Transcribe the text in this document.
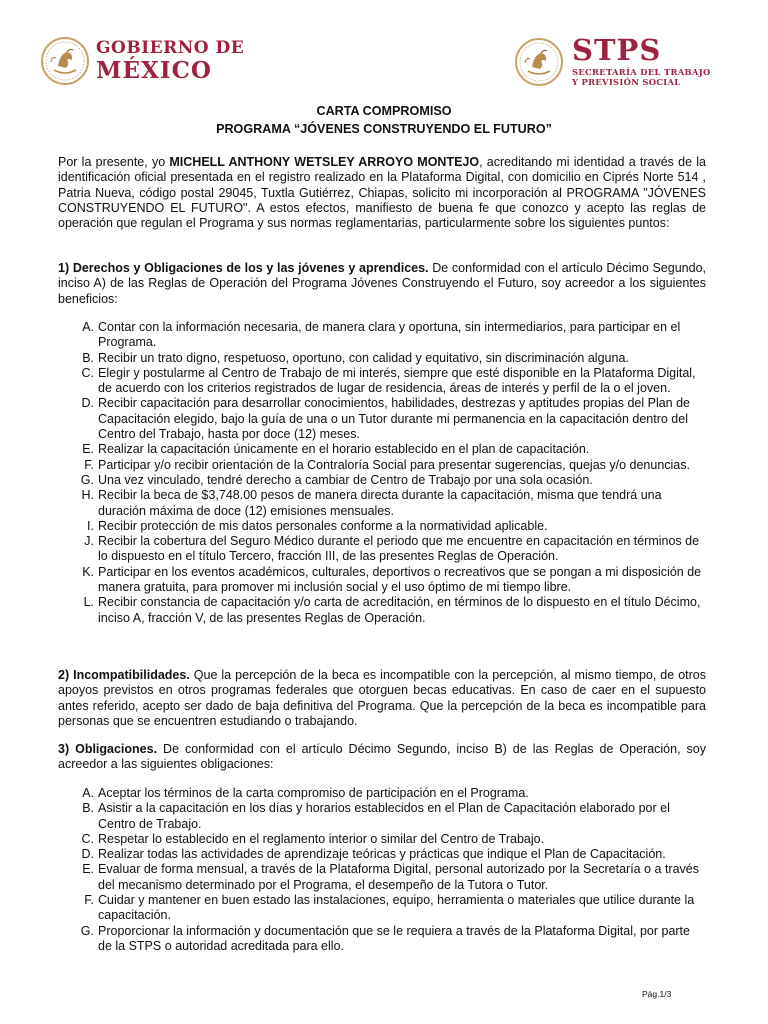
GOBIERNO DE
MÉXICO
STPS
SECRETARÍA DEL TRABAJO
Y PREVISIÓN SOCIAL
CARTA COMPROMISO
PROGRAMA “JÓVENES CONSTRUYENDO EL FUTURO”

Por la presente, yo MICHELL ANTHONY WETSLEY ARROYO MONTEJO, acreditando mi identidad a través de la identificación oficial presentada en el registro realizado en la Plataforma Digital, con domicilio en Ciprés Norte 514 , Patria Nueva, código postal 29045, Tuxtla Gutiérrez, Chiapas, solicito mi incorporación al PROGRAMA "JÓVENES CONSTRUYENDO EL FUTURO". A estos efectos, manifiesto de buena fe que conozco y acepto las reglas de operación que regulan el Programa y sus normas reglamentarias, particularmente sobre los siguientes puntos:

1) Derechos y Obligaciones de los y las jóvenes y aprendices. De conformidad con el artículo Décimo Segundo, inciso A) de las Reglas de Operación del Programa Jóvenes Construyendo el Futuro, soy acreedor a los siguientes beneficios:

A. Contar con la información necesaria, de manera clara y oportuna, sin intermediarios, para participar en el Programa.
B. Recibir un trato digno, respetuoso, oportuno, con calidad y equitativo, sin discriminación alguna.
C. Elegir y postularme al Centro de Trabajo de mi interés, siempre que esté disponible en la Plataforma Digital, de acuerdo con los criterios registrados de lugar de residencia, áreas de interés y perfil de la o el joven.
D. Recibir capacitación para desarrollar conocimientos, habilidades, destrezas y aptitudes propias del Plan de Capacitación elegido, bajo la guía de una o un Tutor durante mi permanencia en la capacitación dentro del Centro del Trabajo, hasta por doce (12) meses.
E. Realizar la capacitación únicamente en el horario establecido en el plan de capacitación.
F. Participar y/o recibir orientación de la Contraloría Social para presentar sugerencias, quejas y/o denuncias.
G. Una vez vinculado, tendré derecho a cambiar de Centro de Trabajo por una sola ocasión.
H. Recibir la beca de $3,748.00 pesos de manera directa durante la capacitación, misma que tendrá una duración máxima de doce (12) emisiones mensuales.
I. Recibir protección de mis datos personales conforme a la normatividad aplicable.
J. Recibir la cobertura del Seguro Médico durante el periodo que me encuentre en capacitación en términos de lo dispuesto en el título Tercero, fracción III, de las presentes Reglas de Operación.
K. Participar en los eventos académicos, culturales, deportivos o recreativos que se pongan a mi disposición de manera gratuita, para promover mi inclusión social y el uso óptimo de mi tiempo libre.
L. Recibir constancia de capacitación y/o carta de acreditación, en términos de lo dispuesto en el título Décimo, inciso A, fracción V, de las presentes Reglas de Operación.

2) Incompatibilidades. Que la percepción de la beca es incompatible con la percepción, al mismo tiempo, de otros apoyos previstos en otros programas federales que otorguen becas educativas. En caso de caer en el supuesto antes referido, acepto ser dado de baja definitiva del Programa. Que la percepción de la beca es incompatible para personas que se encuentren estudiando o trabajando.

3) Obligaciones. De conformidad con el artículo Décimo Segundo, inciso B) de las Reglas de Operación, soy acreedor a las siguientes obligaciones:

A. Aceptar los términos de la carta compromiso de participación en el Programa.
B. Asistir a la capacitación en los días y horarios establecidos en el Plan de Capacitación elaborado por el Centro de Trabajo.
C. Respetar lo establecido en el reglamento interior o similar del Centro de Trabajo.
D. Realizar todas las actividades de aprendizaje teóricas y prácticas que indique el Plan de Capacitación.
E. Evaluar de forma mensual, a través de la Plataforma Digital, personal autorizado por la Secretaría o a través del mecanismo determinado por el Programa, el desempeño de la Tutora o Tutor.
F. Cuidar y mantener en buen estado las instalaciones, equipo, herramienta o materiales que utilice durante la capacitación.
G. Proporcionar la información y documentación que se le requiera a través de la Plataforma Digital, por parte de la STPS o autoridad acreditada para ello.
Pág.1/3
